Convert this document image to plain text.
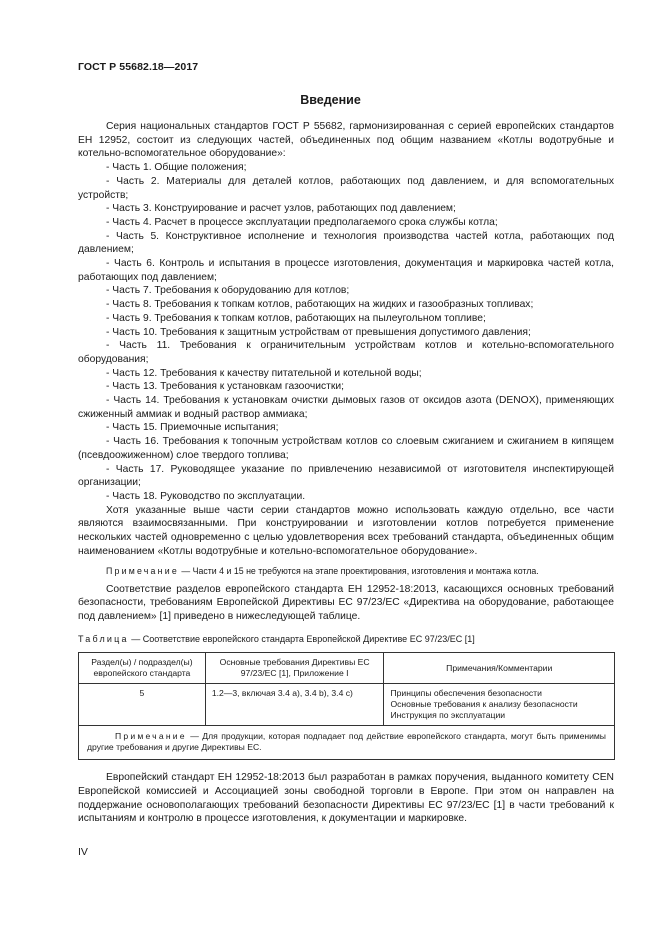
ГОСТ Р 55682.18—2017
Введение

Серия национальных стандартов ГОСТ Р 55682, гармонизированная с серией европейских стандартов ЕН 12952, состоит из следующих частей, объединенных под общим названием «Котлы водотрубные и котельно-вспомогательное оборудование»:

- Часть 1. Общие положения;

- Часть 2. Материалы для деталей котлов, работающих под давлением, и для вспомогательных устройств;

- Часть 3. Конструирование и расчет узлов, работающих под давлением;

- Часть 4. Расчет в процессе эксплуатации предполагаемого срока службы котла;

- Часть 5. Конструктивное исполнение и технология производства частей котла, работающих под давлением;

- Часть 6. Контроль и испытания в процессе изготовления, документация и маркировка частей котла, работающих под давлением;

- Часть 7. Требования к оборудованию для котлов;

- Часть 8. Требования к топкам котлов, работающих на жидких и газообразных топливах;

- Часть 9. Требования к топкам котлов, работающих на пылеугольном топливе;

- Часть 10. Требования к защитным устройствам от превышения допустимого давления;

- Часть 11. Требования к ограничительным устройствам котлов и котельно-вспомогательного оборудования;

- Часть 12. Требования к качеству питательной и котельной воды;

- Часть 13. Требования к установкам газоочистки;

- Часть 14. Требования к установкам очистки дымовых газов от оксидов азота (DENOX), применяющих сжиженный аммиак и водный раствор аммиака;

- Часть 15. Приемочные испытания;

- Часть 16. Требования к топочным устройствам котлов со слоевым сжиганием и сжиганием в кипящем (псевдоожиженном) слое твердого топлива;

- Часть 17. Руководящее указание по привлечению независимой от изготовителя инспектирующей организации;

- Часть 18. Руководство по эксплуатации.

Хотя указанные выше части серии стандартов можно использовать каждую отдельно, все части являются взаимосвязанными. При конструировании и изготовлении котлов потребуется применение нескольких частей одновременно с целью удовлетворения всех требований стандарта, объединенных общим наименованием «Котлы водотрубные и котельно-вспомогательное оборудование».

Примечание — Части 4 и 15 не требуются на этапе проектирования, изготовления и монтажа котла.

Соответствие разделов европейского стандарта ЕН 12952-18:2013, касающихся основных требований безопасности, требованиям Европейской Директивы ЕС 97/23/ЕС «Директива на оборудование, работающее под давлением» [1] приведено в нижеследующей таблице.

Таблица — Соответствие европейского стандарта Европейской Директиве ЕС 97/23/ЕС [1]

Раздел(ы) / подраздел(ы) европейского стандарта	Основные требования Директивы ЕС 97/23/ЕС [1], Приложение I	Примечания/Комментарии
5	1.2—3, включая 3.4 а), 3.4 b), 3.4 c)	Принципы обеспечения безопасности
Основные требования к анализу безопасности
Инструкция по эксплуатации

Примечание — Для продукции, которая подпадает под действие европейского стандарта, могут быть применимы другие требования и другие Директивы ЕС.		

Европейский стандарт ЕН 12952-18:2013 был разработан в рамках поручения, выданного комитету CEN Европейской комиссией и Ассоциацией зоны свободной торговли в Европе. При этом он направлен на поддержание основополагающих требований безопасности Директивы ЕС 97/23/ЕС [1] в части требований к испытаниям и контролю в процессе изготовления, к документации и маркировке.

IV
